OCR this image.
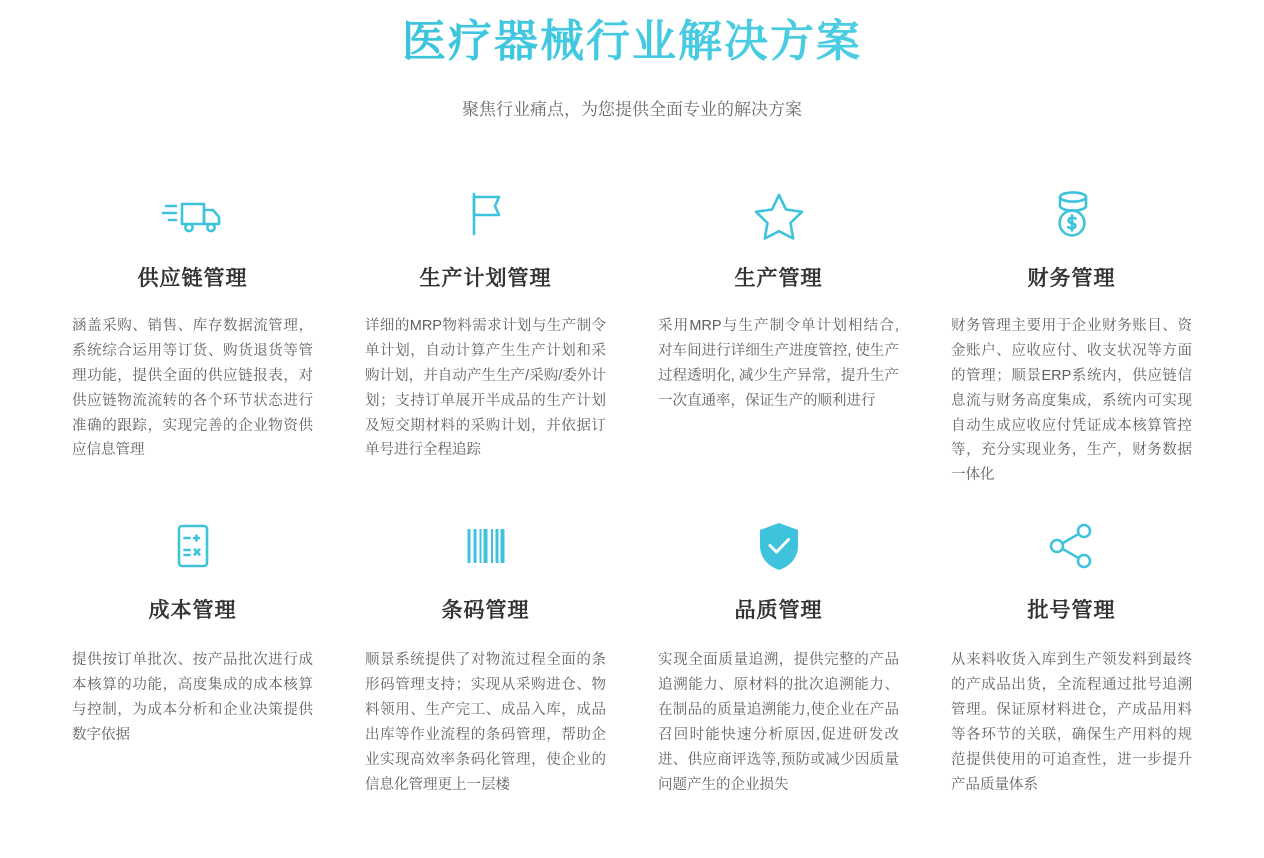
医疗器械行业解决方案

聚焦行业痛点，为您提供全面专业的解决方案

供应链管理

涵盖采购、销售、库存数据流管理，系统综合运用等订货、购货退货等管理功能，提供全面的供应链报表，对供应链物流流转的各个环节状态进行准确的跟踪，实现完善的企业物资供应信息管理

生产计划管理

详细的MRP物料需求计划与生产制令单计划，自动计算产生生产计划和采购计划，并自动产生生产/采购/委外计划；支持订单展开半成品的生产计划及短交期材料的采购计划，并依据订单号进行全程追踪

生产管理

采用MRP与生产制令单计划相结合, 对车间进行详细生产进度管控, 使生产过程透明化, 减少生产异常，提升生产一次直通率，保证生产的顺利进行

财务管理

财务管理主要用于企业财务账目、资金账户、应收应付、收支状况等方面的管理；顺景ERP系统内，供应链信息流与财务高度集成，系统内可实现自动生成应收应付凭证成本核算管控等，充分实现业务，生产，财务数据一体化

成本管理

提供按订单批次、按产品批次进行成本核算的功能，高度集成的成本核算与控制，为成本分析和企业决策提供数字依据

条码管理

顺景系统提供了对物流过程全面的条形码管理支持；实现从采购进仓、物料领用、生产完工、成品入库，成品出库等作业流程的条码管理，帮助企业实现高效率条码化管理，使企业的信息化管理更上一层楼

品质管理

实现全面质量追溯，提供完整的产品追溯能力、原材料的批次追溯能力、在制品的质量追溯能力,使企业在产品召回时能快速分析原因,促进研发改进、供应商评选等,预防或减少因质量问题产生的企业损失

批号管理

从来料收货入库到生产领发料到最终的产成品出货，全流程通过批号追溯管理。保证原材料进仓，产成品用料等各环节的关联，确保生产用料的规范提供使用的可追查性，进一步提升产品质量体系
